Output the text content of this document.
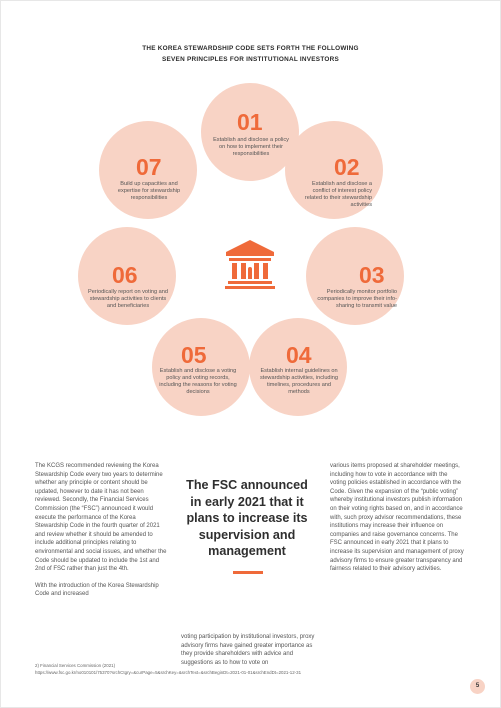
THE KOREA STEWARDSHIP CODE SETS FORTH THE FOLLOWING
SEVEN PRINCIPLES FOR INSTITUTIONAL INVESTORS
01
Establish and disclose a policy on how to implement their responsibilities	02
Establish and disclose a conflict of interest policy related to their stewardship activities
03
Periodically monitor portfolio companies to improve their info-sharing to transmit value
04
Establish internal guidelines on stewardship activities, including timelines, procedures and methods
05
Establish and disclose a voting policy and voting records, including the reasons for voting decisions
06
Periodically report on voting and stewardship activities to clients and beneficiaries
07
Build up capacities and expertise for stewardship responsibilities

The KCGS recommended reviewing the Korea Stewardship Code every two years to determine whether any principle or content should be updated, however to date it has not been reviewed. Secondly, the Financial Services Commission (the “FSC”) announced it would execute the performance of the Korea Stewardship Code in the fourth quarter of 2021 and review whether it should be amended to include additional principles relating to environmental and social issues, and whether the Code should be updated to include the 1st and 2nd of FSC rather than just the 4th.

With the introduction of the Korea Stewardship Code and increased

The FSC announced in early 2021 that it plans to increase its supervision and management
voting participation by institutional investors, proxy advisory firms have gained greater importance as they provide shareholders with advice and suggestions as to how to vote on

various items proposed at shareholder meetings, including how to vote in accordance with the voting policies established in accordance with the Code. Given the expansion of the “public voting” whereby institutional investors publish information on their voting rights based on, and in accordance with, such proxy advisor recommendations, these institutions may increase their influence on companies and raise governance concerns. The FSC announced in early 2021 that it plans to increase its supervision and management of proxy advisory firms to ensure greater transparency and fairness related to their advisory activities.

2) Financial Services Commission (2021)
https://www.fsc.go.kr/no010101/75370?srchCtgry=&curPage=5&srchKey=&srchText=&srchBeginDt=2021-01-01&srchEndDt=2021-12-31
5
